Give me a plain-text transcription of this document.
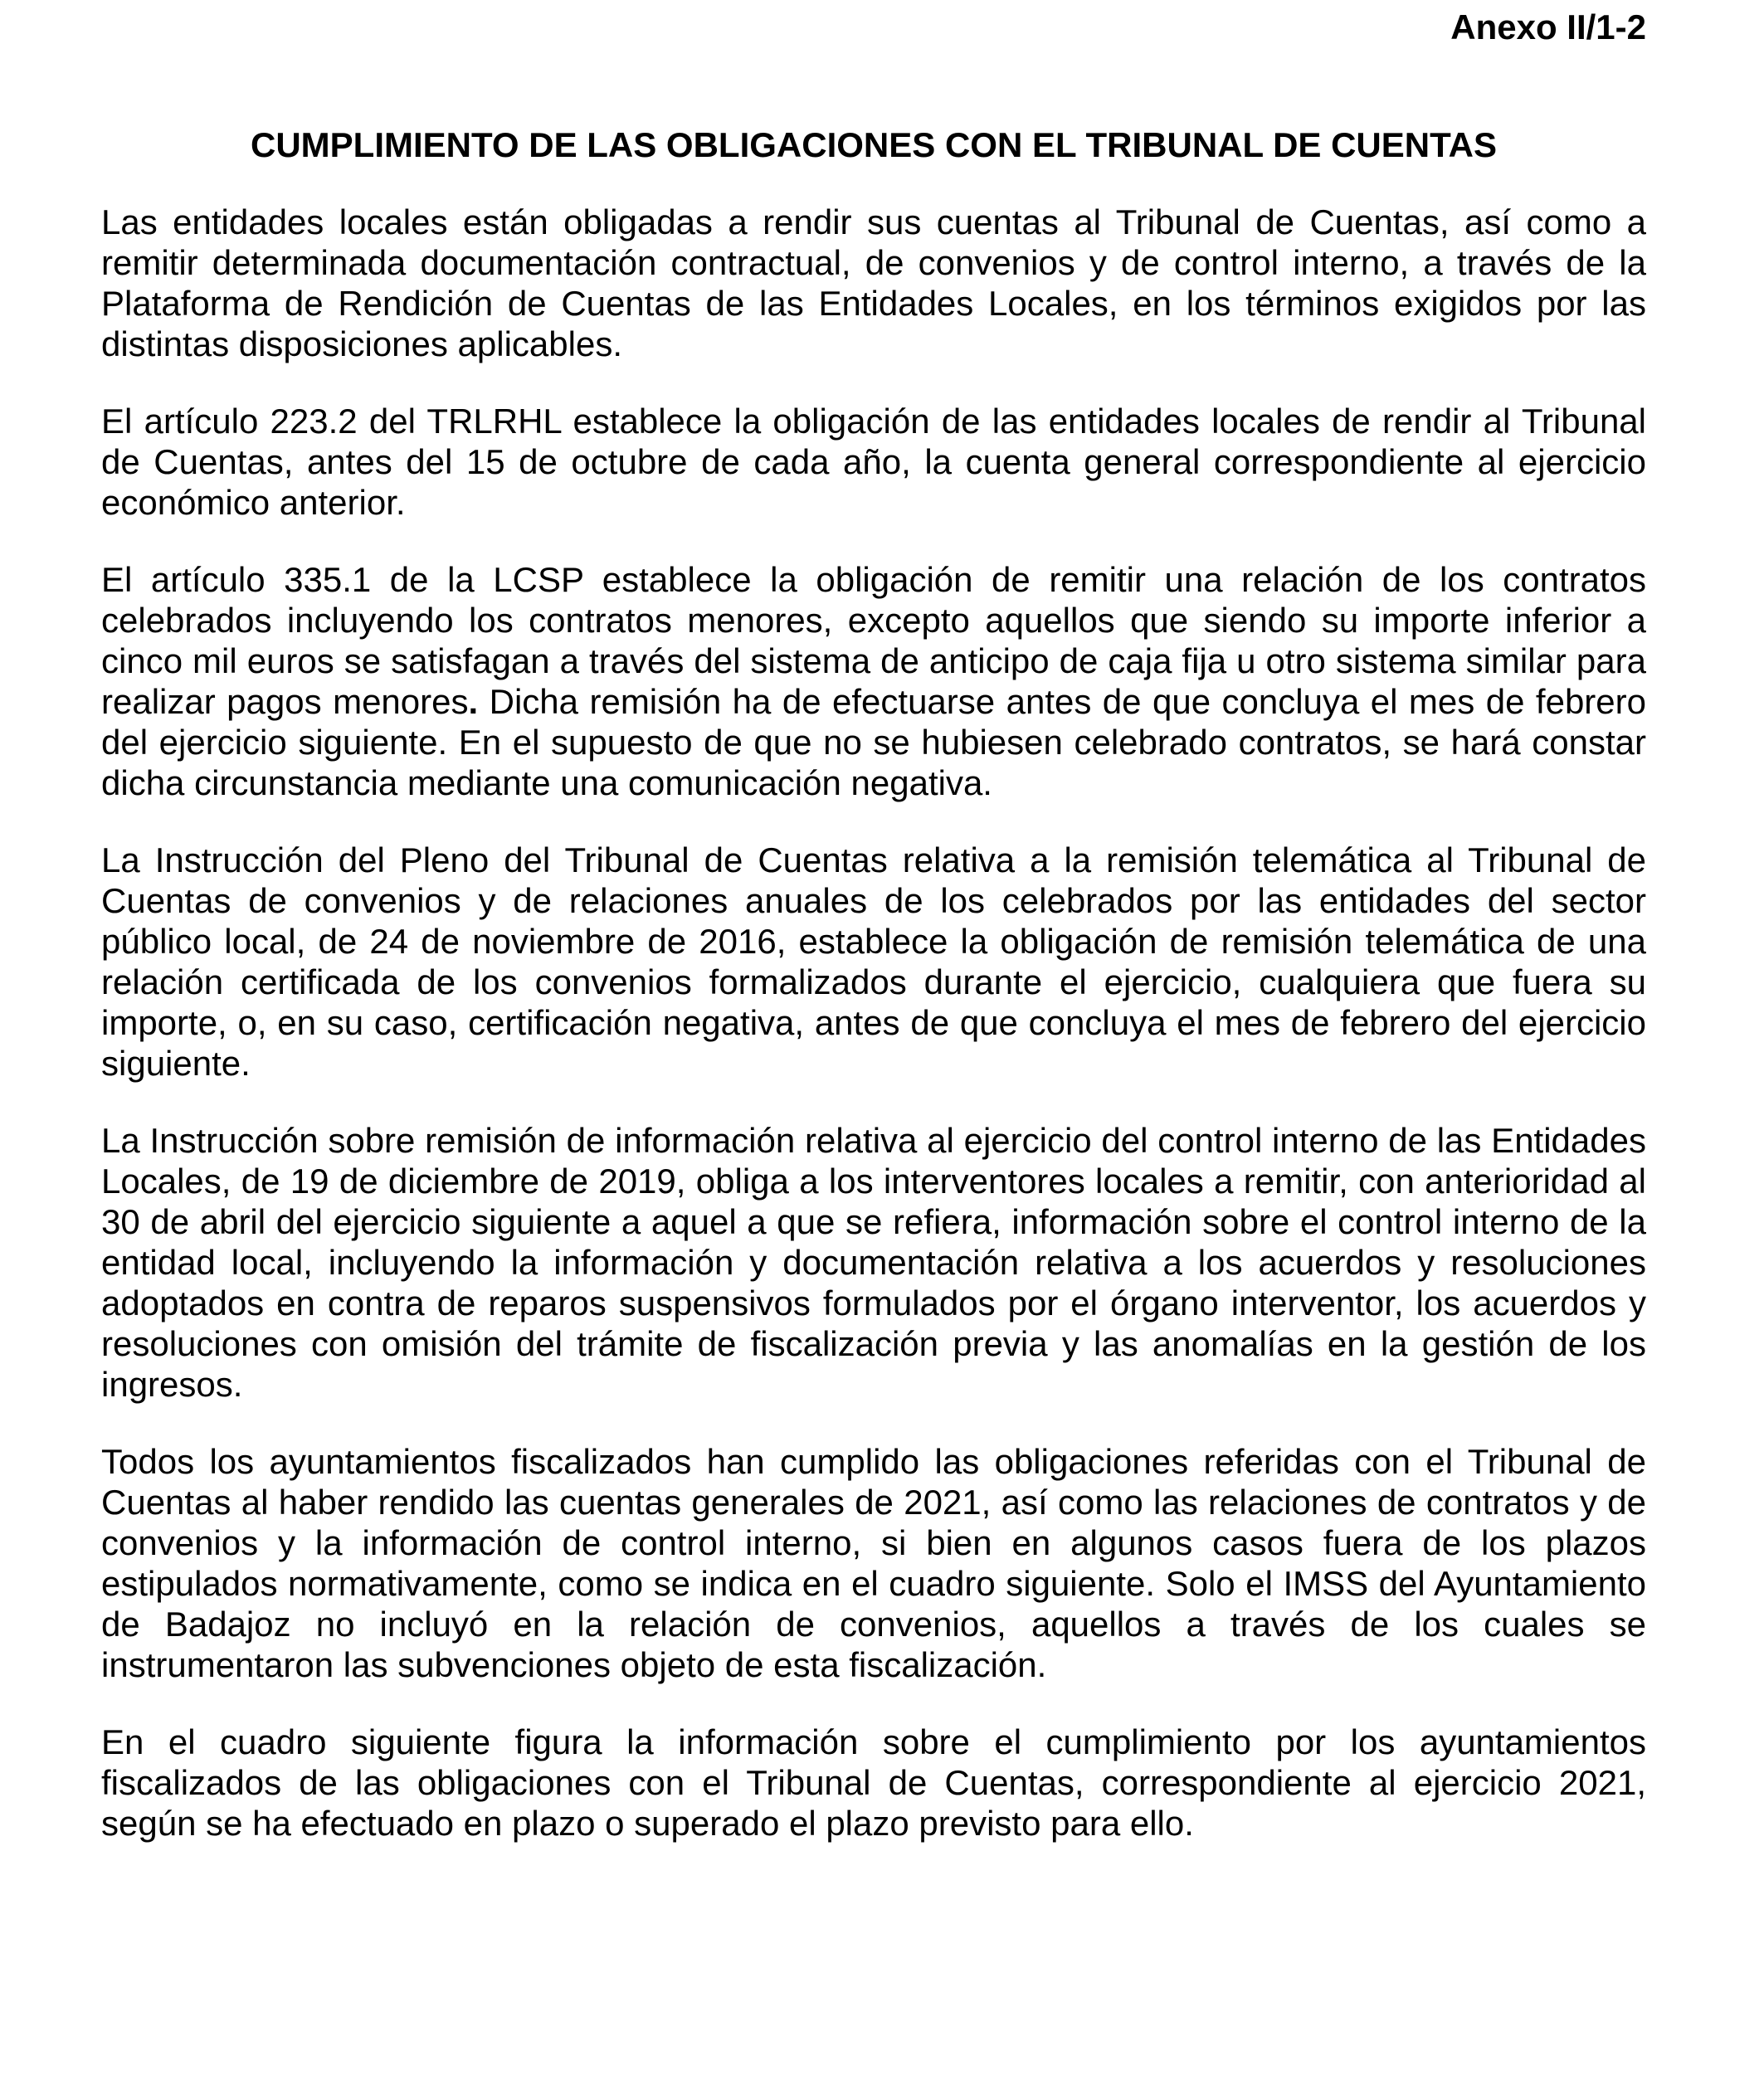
Anexo II/1-2
CUMPLIMIENTO DE LAS OBLIGACIONES CON EL TRIBUNAL DE CUENTAS

Las entidades locales están obligadas a rendir sus cuentas al Tribunal de Cuentas, así como a remitir determinada documentación contractual, de convenios y de control interno, a través de la Plataforma de Rendición de Cuentas de las Entidades Locales, en los términos exigidos por las distintas disposiciones aplicables.

El artículo 223.2 del TRLRHL establece la obligación de las entidades locales de rendir al Tribunal de Cuentas, antes del 15 de octubre de cada año, la cuenta general correspondiente al ejercicio económico anterior.

El artículo 335.1 de la LCSP establece la obligación de remitir una relación de los contratos celebrados incluyendo los contratos menores, excepto aquellos que siendo su importe inferior a cinco mil euros se satisfagan a través del sistema de anticipo de caja fija u otro sistema similar para realizar pagos menores. Dicha remisión ha de efectuarse antes de que concluya el mes de febrero del ejercicio siguiente. En el supuesto de que no se hubiesen celebrado contratos, se hará constar dicha circunstancia mediante una comunicación negativa.

La Instrucción del Pleno del Tribunal de Cuentas relativa a la remisión telemática al Tribunal de Cuentas de convenios y de relaciones anuales de los celebrados por las entidades del sector público local, de 24 de noviembre de 2016, establece la obligación de remisión telemática de una relación certificada de los convenios formalizados durante el ejercicio, cualquiera que fuera su importe, o, en su caso, certificación negativa, antes de que concluya el mes de febrero del ejercicio siguiente.

La Instrucción sobre remisión de información relativa al ejercicio del control interno de las Entidades Locales, de 19 de diciembre de 2019, obliga a los interventores locales a remitir, con anterioridad al 30 de abril del ejercicio siguiente a aquel a que se refiera, información sobre el control interno de la entidad local, incluyendo la información y documentación relativa a los acuerdos y resoluciones adoptados en contra de reparos suspensivos formulados por el órgano interventor, los acuerdos y resoluciones con omisión del trámite de fiscalización previa y las anomalías en la gestión de los ingresos.

Todos los ayuntamientos fiscalizados han cumplido las obligaciones referidas con el Tribunal de Cuentas al haber rendido las cuentas generales de 2021, así como las relaciones de contratos y de convenios y la información de control interno, si bien en algunos casos fuera de los plazos estipulados normativamente, como se indica en el cuadro siguiente. Solo el IMSS del Ayuntamiento de Badajoz no incluyó en la relación de convenios, aquellos a través de los cuales se instrumentaron las subvenciones objeto de esta fiscalización.

En el cuadro siguiente figura la información sobre el cumplimiento por los ayuntamientos fiscalizados de las obligaciones con el Tribunal de Cuentas, correspondiente al ejercicio 2021, según se ha efectuado en plazo o superado el plazo previsto para ello.
